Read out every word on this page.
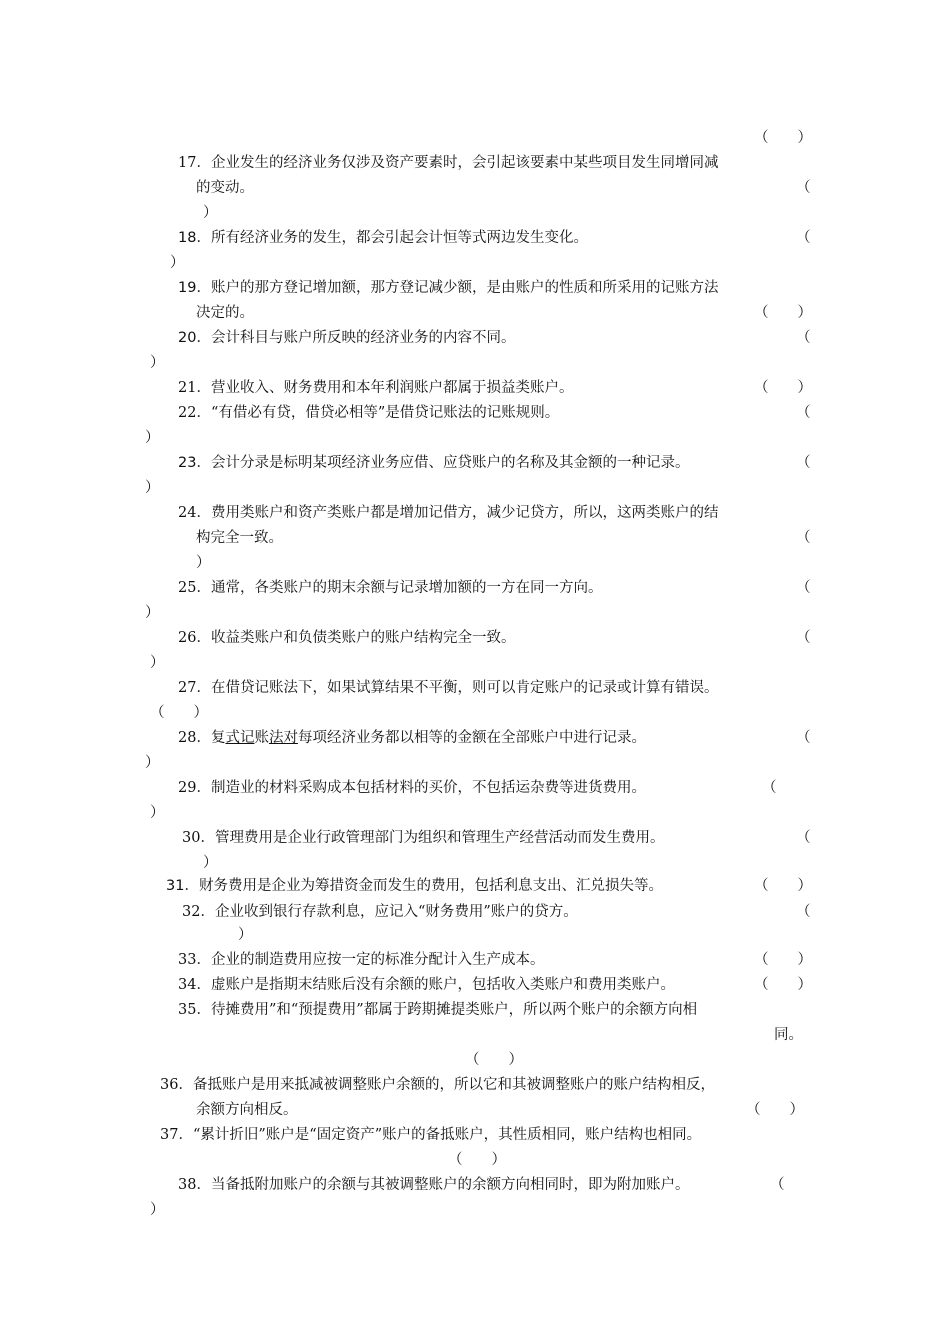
（　　）
17．企业发生的经济业务仅涉及资产要素时，会引起该要素中某些项目发生同增同减
的变动。	（
）
18．所有经济业务的发生，都会引起会计恒等式两边发生变化。	（
）
19．账户的那方登记增加额，那方登记减少额，是由账户的性质和所采用的记账方法
决定的。	（　　）
20．会计科目与账户所反映的经济业务的内容不同。	（
）
21．营业收入、财务费用和本年利润账户都属于损益类账户。	（　　）
22．“有借必有贷，借贷必相等”是借贷记账法的记账规则。	（
）
23．会计分录是标明某项经济业务应借、应贷账户的名称及其金额的一种记录。	（
）
24．费用类账户和资产类账户都是增加记借方，减少记贷方，所以，这两类账户的结
构完全一致。	（
）
25．通常，各类账户的期末余额与记录增加额的一方在同一方向。	（
）
26．收益类账户和负债类账户的账户结构完全一致。	（
）
27．在借贷记账法下，如果试算结果不平衡，则可以肯定账户的记录或计算有错误。
（　　）
28．复式记账法对每项经济业务都以相等的金额在全部账户中进行记录。	（
）
29．制造业的材料采购成本包括材料的买价，不包括运杂费等进货费用。	（
）
30．管理费用是企业行政管理部门为组织和管理生产经营活动而发生费用。	（
）
31．财务费用是企业为筹措资金而发生的费用，包括利息支出、汇兑损失等。	（　　）
32．企业收到银行存款利息，应记入“财务费用”账户的贷方。	（
）
33．企业的制造费用应按一定的标准分配计入生产成本。	（　　）
34．虚账户是指期末结账后没有余额的账户，包括收入类账户和费用类账户。	（　　）
35．待摊费用”和“预提费用”都属于跨期摊提类账户，所以两个账户的余额方向相
同。
（　　）
36．备抵账户是用来抵减被调整账户余额的，所以它和其被调整账户的账户结构相反，
余额方向相反。	（　　）
37．“累计折旧”账户是“固定资产”账户的备抵账户，其性质相同，账户结构也相同。
（　　）
38．当备抵附加账户的余额与其被调整账户的余额方向相同时，即为附加账户。	（
）
